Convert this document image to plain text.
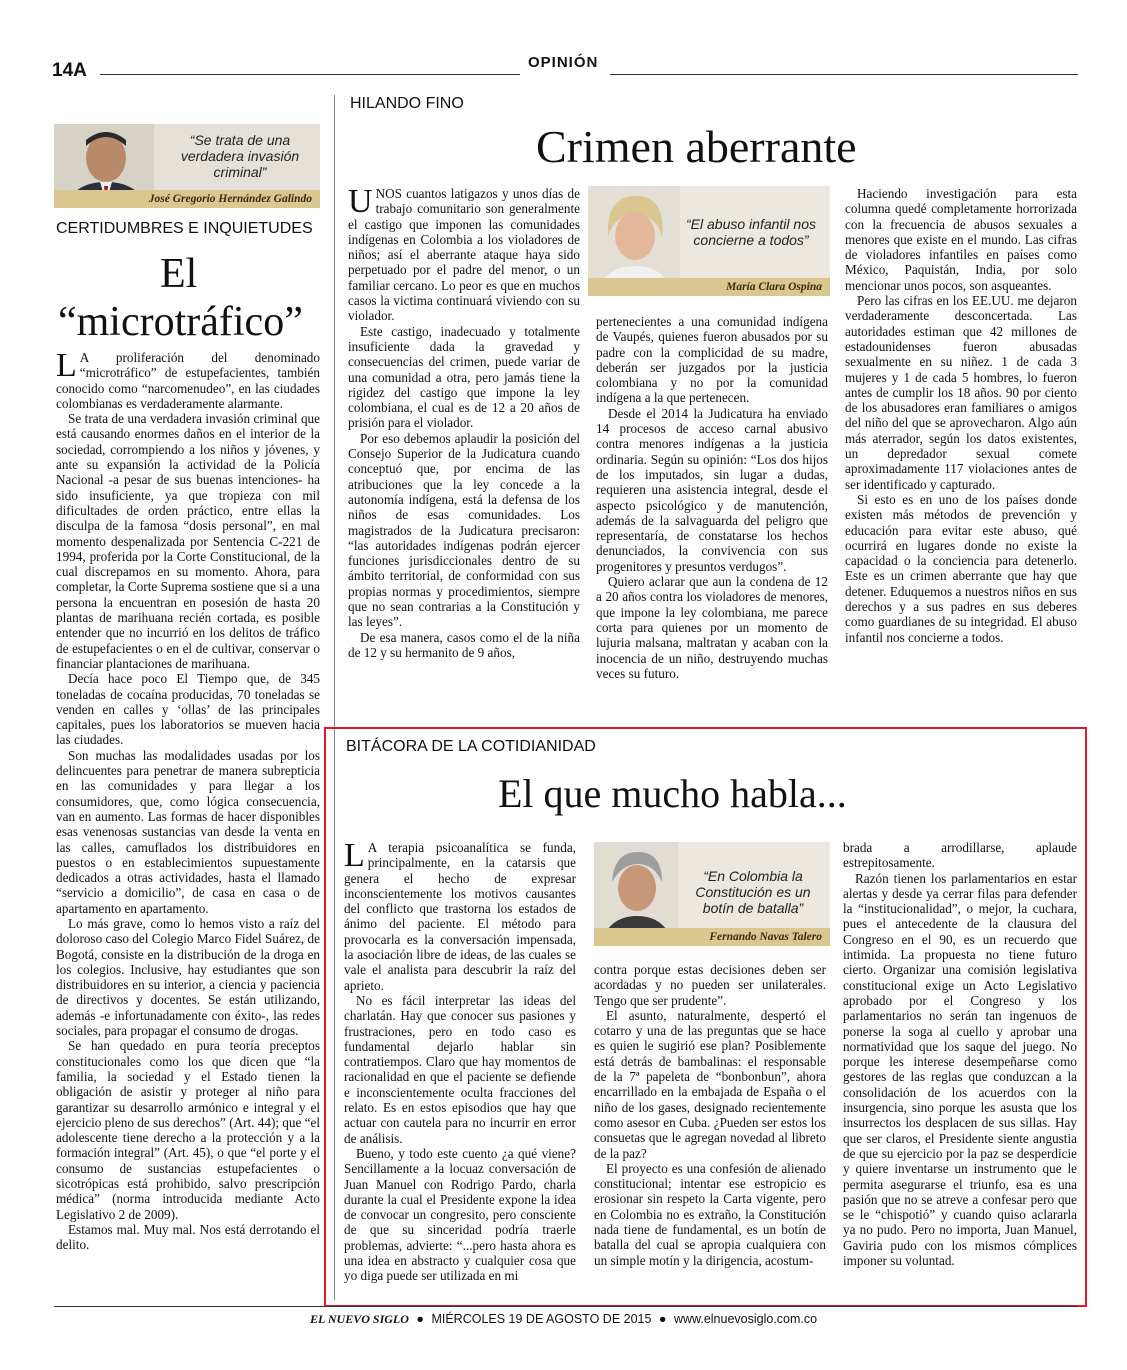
14A	OPINIÓN
“Se trata de una verdadera invasión criminal”
José Gregorio Hernández Galindo
CERTIDUMBRES E INQUIETUDES
El
“microtráfico”
L A proliferación del denominado “microtráfico” de estupefacientes, también conocido como “narcomenudeo”, en las ciudades colombianas es verdaderamente alarmante.

Se trata de una verdadera invasión criminal que está causando enormes daños en el interior de la sociedad, corrompiendo a los niños y jóvenes, y ante su expansión la actividad de la Policía Nacional -a pesar de sus buenas intenciones- ha sido insuficiente, ya que tropieza con mil dificultades de orden práctico, entre ellas la disculpa de la famosa “dosis personal”, en mal momento despenalizada por Sentencia C-221 de 1994, proferida por la Corte Constitucional, de la cual discrepamos en su momento. Ahora, para completar, la Corte Suprema sostiene que si a una persona la encuentran en posesión de hasta 20 plantas de marihuana recién cortada, es posible entender que no incurrió en los delitos de tráfico de estupefacientes o en el de cultivar, conservar o financiar plantaciones de marihuana.

Decía hace poco El Tiempo que, de 345 toneladas de cocaína producidas, 70 toneladas se venden en calles y ‘ollas’ de las principales capitales, pues los laboratorios se mueven hacia las ciudades.

Son muchas las modalidades usadas por los delincuentes para penetrar de manera subrepticia en las comunidades y para llegar a los consumidores, que, como lógica consecuencia, van en aumento. Las formas de hacer disponibles esas venenosas sustancias van desde la venta en las calles, camuflados los distribuidores en puestos o en establecimientos supuestamente dedicados a otras actividades, hasta el llamado “servicio a domicilio”, de casa en casa o de apartamento en apartamento.

Lo más grave, como lo hemos visto a raíz del doloroso caso del Colegio Marco Fidel Suárez, de Bogotá, consiste en la distribución de la droga en los colegios. Inclusive, hay estudiantes que son distribuidores en su interior, a ciencia y paciencia de directivos y docentes. Se están utilizando, además -e infortunadamente con éxito-, las redes sociales, para propagar el consumo de drogas.

Se han quedado en pura teoría preceptos constitucionales como los que dicen que “la familia, la sociedad y el Estado tienen la obligación de asistir y proteger al niño para garantizar su desarrollo armónico e integral y el ejercicio pleno de sus derechos” (Art. 44); que “el adolescente tiene derecho a la protección y a la formación integral” (Art. 45), o que “el porte y el consumo de sustancias estupefacientes o sicotrópicas está prohibido, salvo prescripción médica” (norma introducida mediante Acto Legislativo 2 de 2009).

Estamos mal. Muy mal. Nos está derrotando el delito.

HILANDO FINO
Crimen aberrante
U NOS cuantos latigazos y unos días de trabajo comunitario son generalmente el castigo que imponen las comunidades indígenas en Colombia a los violadores de niños; así el aberrante ataque haya sido perpetuado por el padre del menor, o un familiar cercano. Lo peor es que en muchos casos la victima continuará viviendo con su violador.

Este castigo, inadecuado y totalmente insuficiente dada la gravedad y consecuencias del crimen, puede variar de una comunidad a otra, pero jamás tiene la rigidez del castigo que impone la ley colombiana, el cual es de 12 a 20 años de prisión para el violador.

Por eso debemos aplaudir la posición del Consejo Superior de la Judicatura cuando conceptuó que, por encima de las atribuciones que la ley concede a la autonomía indígena, está la defensa de los niños de esas comunidades. Los magistrados de la Judicatura precisaron: “las autoridades indígenas podrán ejercer funciones jurisdiccionales dentro de su ámbito territorial, de conformidad con sus propias normas y procedimientos, siempre que no sean contrarias a la Constitución y las leyes”.

De esa manera, casos como el de la niña de 12 y su hermanito de 9 años,

“El abuso infantil nos concierne a todos”
María Clara Ospina

pertenecientes a una comunidad indígena de Vaupés, quienes fueron abusados por su padre con la complicidad de su madre, deberán ser juzgados por la justicia colombiana y no por la comunidad indígena a la que pertenecen.

Desde el 2014 la Judicatura ha enviado 14 procesos de acceso carnal abusivo contra menores indígenas a la justicia ordinaria. Según su opinión: “Los dos hijos de los imputados, sin lugar a dudas, requieren una asistencia integral, desde el aspecto psicológico y de manutención, además de la salvaguarda del peligro que representaría, de constatarse los hechos denunciados, la convivencia con sus progenitores y presuntos verdugos”.

Quiero aclarar que aun la condena de 12 a 20 años contra los violadores de menores, que impone la ley colombiana, me parece corta para quienes por un momento de lujuria malsana, maltratan y acaban con la inocencia de un niño, destruyendo muchas veces su futuro.

Haciendo investigación para esta columna quedé completamente horrorizada con la frecuencia de abusos sexuales a menores que existe en el mundo. Las cifras de violadores infantiles en países como México, Paquistán, India, por solo mencionar unos pocos, son asqueantes.

Pero las cifras en los EE.UU. me dejaron verdaderamente desconcertada. Las autoridades estiman que 42 millones de estadounidenses fueron abusadas sexualmente en su niñez. 1 de cada 3 mujeres y 1 de cada 5 hombres, lo fueron antes de cumplir los 18 años. 90 por ciento de los abusadores eran familiares o amigos del niño del que se aprovecharon. Algo aún más aterrador, según los datos existentes, un depredador sexual comete aproximadamente 117 violaciones antes de ser identificado y capturado.

Si esto es en uno de los países donde existen más métodos de prevención y educación para evitar este abuso, qué ocurrirá en lugares donde no existe la capacidad o la conciencia para detenerlo. Este es un crimen aberrante que hay que detener. Eduquemos a nuestros niños en sus derechos y a sus padres en sus deberes como guardianes de su integridad. El abuso infantil nos concierne a todos.

BITÁCORA DE LA COTIDIANIDAD
El que mucho habla...
L A terapia psicoanalítica se funda, principalmente, en la catarsis que genera el hecho de expresar inconscientemente los motivos causantes del conflicto que trastorna los estados de ánimo del paciente. El método para provocarla es la conversación impensada, la asociación libre de ideas, de las cuales se vale el analista para descubrir la raíz del aprieto.

No es fácil interpretar las ideas del charlatán. Hay que conocer sus pasiones y frustraciones, pero en todo caso es fundamental dejarlo hablar sin contratiempos. Claro que hay momentos de racionalidad en que el paciente se defiende e inconscientemente oculta fracciones del relato. Es en estos episodios que hay que actuar con cautela para no incurrir en error de análisis.

Bueno, y todo este cuento ¿a qué viene? Sencillamente a la locuaz conversación de Juan Manuel con Rodrigo Pardo, charla durante la cual el Presidente expone la idea de convocar un congresito, pero consciente de que su sinceridad podría traerle problemas, advierte: “...pero hasta ahora es una idea en abstracto y cualquier cosa que yo diga puede ser utilizada en mi

“En Colombia la Constitución es un botín de batalla”
Fernando Navas Talero

contra porque estas decisiones deben ser acordadas y no pueden ser unilaterales. Tengo que ser prudente”.

El asunto, naturalmente, despertó el cotarro y una de las preguntas que se hace es quien le sugirió ese plan? Posiblemente está detrás de bambalinas: el responsable de la 7ª papeleta de “bonbonbun”, ahora encarrillado en la embajada de España o el niño de los gases, designado recientemente como asesor en Cuba. ¿Pueden ser estos los consuetas que le agregan novedad al libreto de la paz?

El proyecto es una confesión de alienado constitucional; intentar ese estropicio es erosionar sin respeto la Carta vigente, pero en Colombia no es extraño, la Constitución nada tiene de fundamental, es un botín de batalla del cual se apropia cualquiera con un simple motín y la dirigencia, acostum-

brada a arrodillarse, aplaude estrepitosamente.

Razón tienen los parlamentarios en estar alertas y desde ya cerrar filas para defender la “institucionalidad”, o mejor, la cuchara, pues el antecedente de la clausura del Congreso en el 90, es un recuerdo que intimida. La propuesta no tiene futuro cierto. Organizar una comisión legislativa constitucional exige un Acto Legislativo aprobado por el Congreso y los parlamentarios no serán tan ingenuos de ponerse la soga al cuello y aprobar una normatividad que los saque del juego. No porque les interese desempeñarse como gestores de las reglas que conduzcan a la consolidación de los acuerdos con la insurgencia, sino porque les asusta que los insurrectos los desplacen de sus sillas. Hay que ser claros, el Presidente siente angustia de que su ejercicio por la paz se desperdicie y quiere inventarse un instrumento que le permita asegurarse el triunfo, esa es una pasión que no se atreve a confesar pero que se le “chispotió” y cuando quiso aclararla ya no pudo. Pero no importa, Juan Manuel, Gaviria pudo con los mismos cómplices imponer su voluntad.

EL NUEVO SIGLO ● MIÉRCOLES 19 DE AGOSTO DE 2015 ● www.elnuevosiglo.com.co
